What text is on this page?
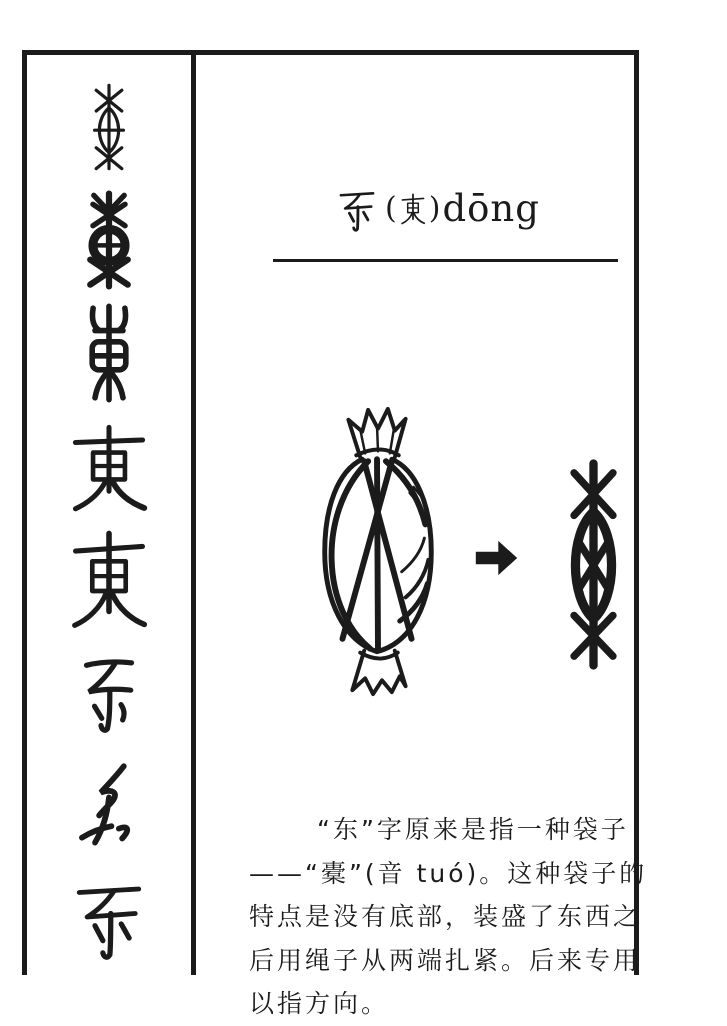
( ) dōng
“东”字原来是指一种袋子
——“橐”(音 tuó)。这种袋子的
特点是没有底部，装盛了东西之
后用绳子从两端扎紧。后来专用
以指方向。
